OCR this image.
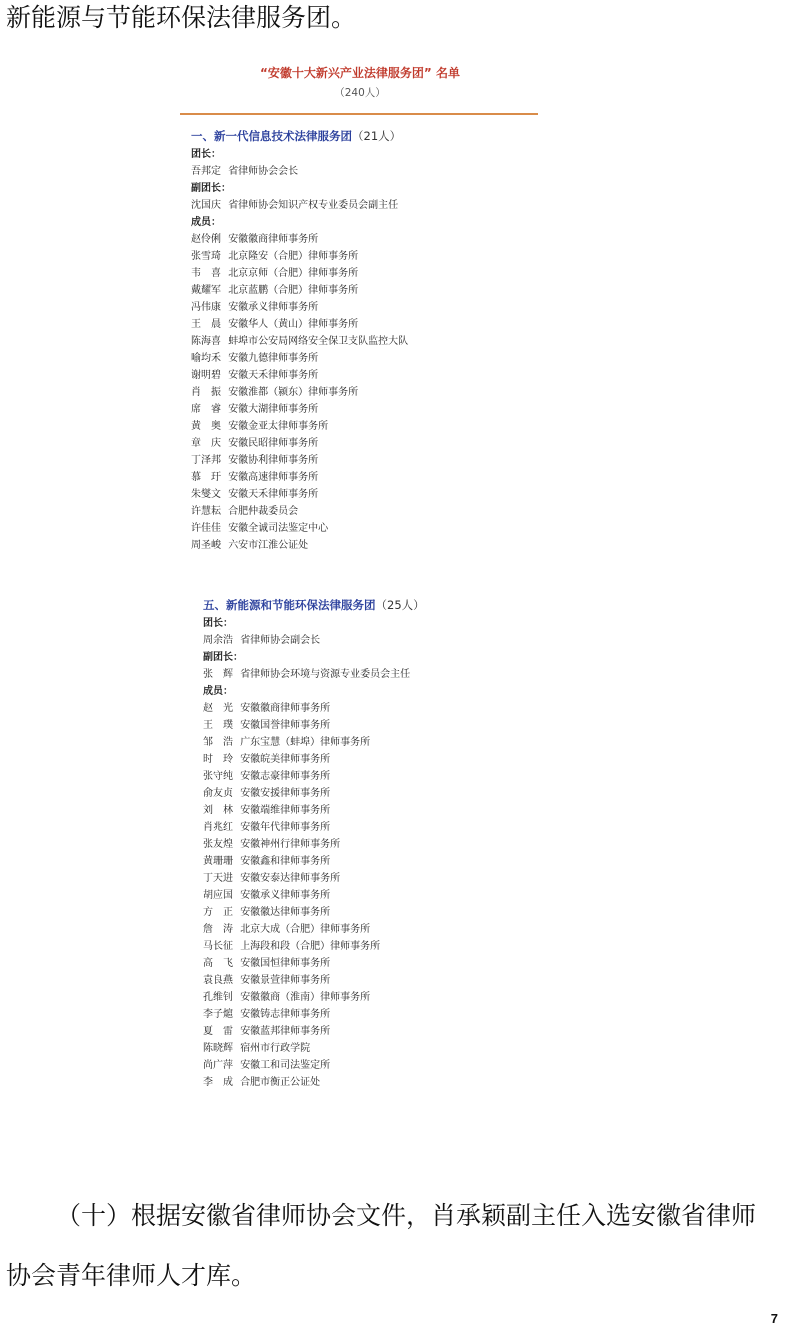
新能源与节能环保法律服务团。
“安徽十大新兴产业法律服务团” 名单
（240人）
一、新一代信息技术法律服务团（21人）
团长：
吾邦定 省律师协会会长
副团长：
沈国庆 省律师协会知识产权专业委员会副主任
成员：
赵伶俐 安徽徽商律师事务所
张雪琦 北京隆安（合肥）律师事务所
韦　喜 北京京师（合肥）律师事务所
戴耀军 北京蓝鹏（合肥）律师事务所
冯伟康 安徽承义律师事务所
王　晨 安徽华人（黄山）律师事务所
陈海喜 蚌埠市公安局网络安全保卫支队监控大队
喻均禾 安徽九德律师事务所
谢明碧 安徽天禾律师事务所
肖　振 安徽淮都（颍东）律师事务所
席　睿 安徽大湖律师事务所
黄　奥 安徽金亚太律师事务所
章　庆 安徽民昭律师事务所
丁泽邦 安徽协利律师事务所
慕　玗 安徽高速律师事务所
朱燮文 安徽天禾律师事务所
许慧耘 合肥仲裁委员会
许佳佳 安徽全诚司法鉴定中心
周圣峻 六安市江淮公证处
五、新能源和节能环保法律服务团（25人）
团长：
周余浩 省律师协会副会长
副团长：
张　辉 省律师协会环境与资源专业委员会主任
成员：
赵　光 安徽徽商律师事务所
王　璞 安徽国誉律师事务所
邹　浩 广东宝慧（蚌埠）律师事务所
时　玲 安徽皖美律师事务所
张守纯 安徽志豪律师事务所
俞友贞 安徽安援律师事务所
刘　林 安徽端维律师事务所
肖兆红 安徽年代律师事务所
张友煌 安徽神州行律师事务所
黄珊珊 安徽鑫和律师事务所
丁天进 安徽安泰达律师事务所
胡应国 安徽承义律师事务所
方　正 安徽徽达律师事务所
詹　涛 北京大成（合肥）律师事务所
马长征 上海段和段（合肥）律师事务所
高　飞 安徽国恒律师事务所
袁良燕 安徽景萱律师事务所
孔维钊 安徽徽商（淮南）律师事务所
李子熩 安徽铸志律师事务所
夏　雷 安徽蓝邦律师事务所
陈晓辉 宿州市行政学院
尚广萍 安徽工和司法鉴定所
李　成 合肥市衡正公证处
（十）根据安徽省律师协会文件，肖承颖副主任入选安徽省律师
协会青年律师人才库。
7
